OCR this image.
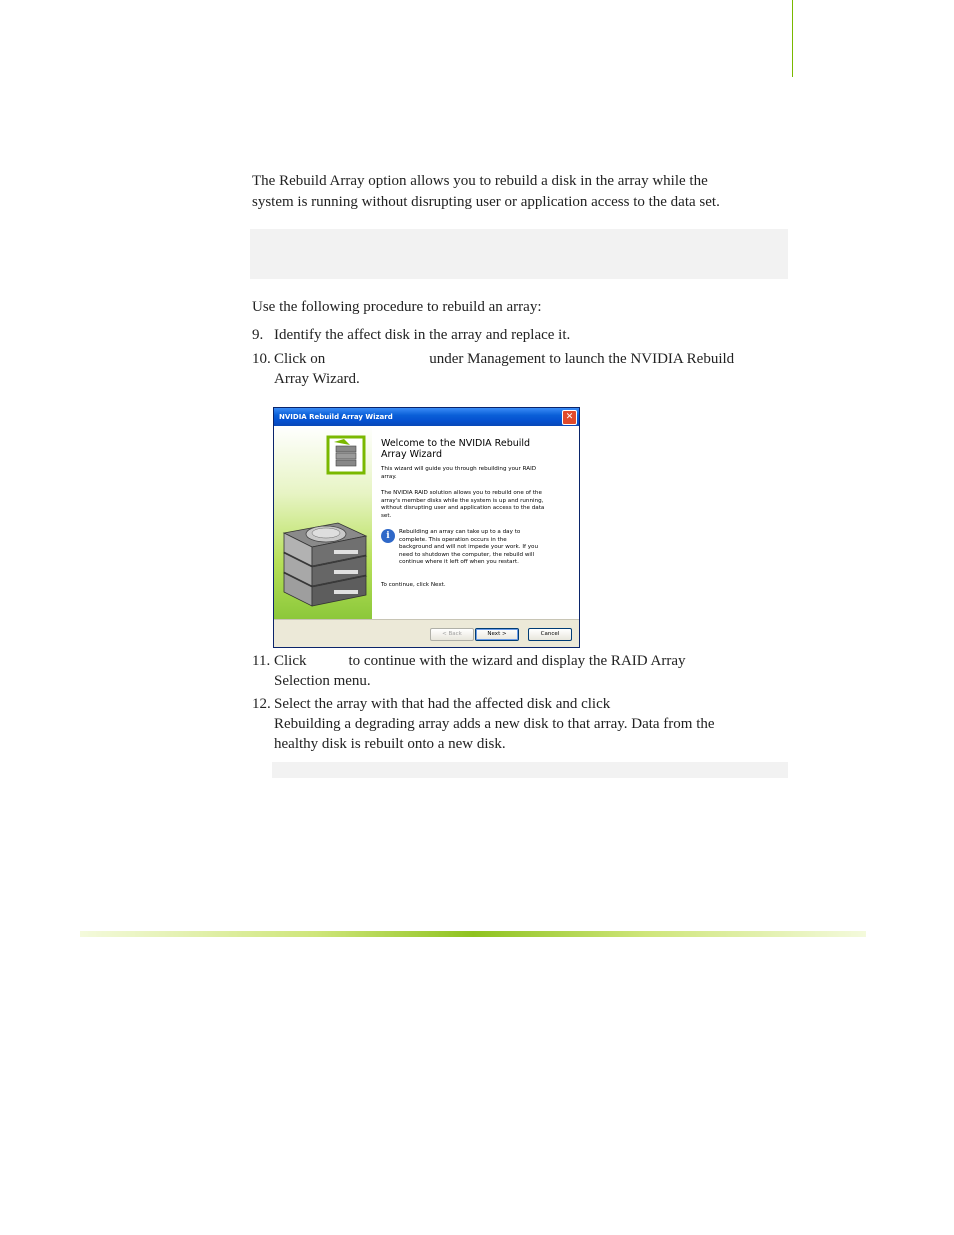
The Rebuild Array option allows you to rebuild a disk in the array while the
system is running without disrupting user or application access to the data set.
Use the following procedure to rebuild an array:
9. Identify the affect disk in the array and replace it.
10. Click on	under Management to launch the NVIDIA Rebuild
Array Wizard.
NVIDIA Rebuild Array Wizard	✕
Welcome to the NVIDIA Rebuild
Array Wizard
This wizard will guide you through rebuilding your RAID
array.
The NVIDIA RAID solution allows you to rebuild one of the
array's member disks while the system is up and running,
without disrupting user and application access to the data
set.
i	Rebuilding an array can take up to a day to
complete. This operation occurs in the
background and will not impede your work. If you
need to shutdown the computer, the rebuild will
continue where it left off when you restart.
To continue, click Next.
< Back	Next >	Cancel
11. Click	to continue with the wizard and display the RAID Array
Selection menu.
12. Select the array with that had the affected disk and click
Rebuilding a degrading array adds a new disk to that array. Data from the
healthy disk is rebuilt onto a new disk.
